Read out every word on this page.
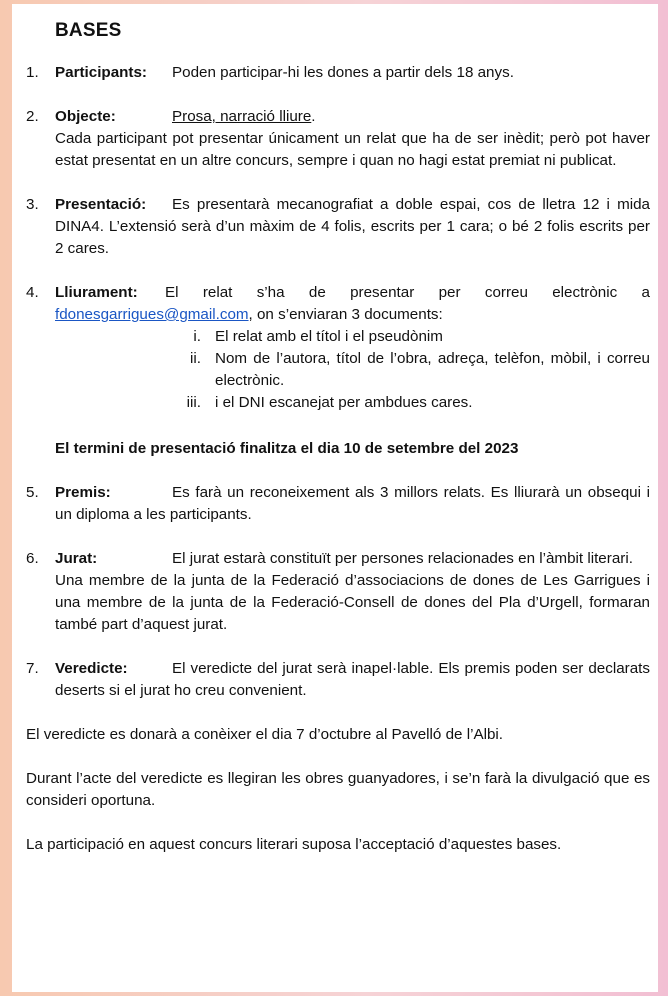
BASES
1.	Participants: Poden participar-hi les dones a partir dels 18 anys.
2.	Objecte:	Prosa, narració lliure.
Cada participant pot presentar únicament un relat que ha de ser inèdit; però pot haver estat presentat en un altre concurs, sempre i quan no hagi estat premiat ni publicat.
3.	Presentació: Es presentarà mecanografiat a doble espai, cos de lletra 12 i mida DINA4. L’extensió serà d’un màxim de 4 folis, escrits per 1 cara; o bé 2 folis escrits per 2 cares.
4.	Lliurament: El relat s’ha de presentar per correu electrònic a
fdonesgarrigues@gmail.com, on s’enviaran 3 documents:
i. El relat amb el títol i el pseudònim
ii. Nom de l’autora, títol de l’obra, adreça, telèfon, mòbil, i correu electrònic.
iii. i el DNI escanejat per ambdues cares.
El termini de presentació finalitza el dia 10 de setembre del 2023
5.	Premis:	Es farà un reconeixement als 3 millors relats. Es lliurarà un obsequi i un diploma a les participants.
6.	Jurat:	El jurat estarà constituït per persones relacionades en l’àmbit literari.
Una membre de la junta de la Federació d’associacions de dones de Les Garrigues i una membre de la junta de la Federació-Consell de dones del Pla d’Urgell, formaran també part d’aquest jurat.
7.	Veredicte:	El veredicte del jurat serà inapel·lable. Els premis poden ser declarats deserts si el jurat ho creu convenient.
El veredicte es donarà a conèixer el dia 7 d’octubre al Pavelló de l’Albi.
Durant l’acte del veredicte es llegiran les obres guanyadores, i se’n farà la divulgació que es consideri oportuna.
La participació en aquest concurs literari suposa l’acceptació d’aquestes bases.
